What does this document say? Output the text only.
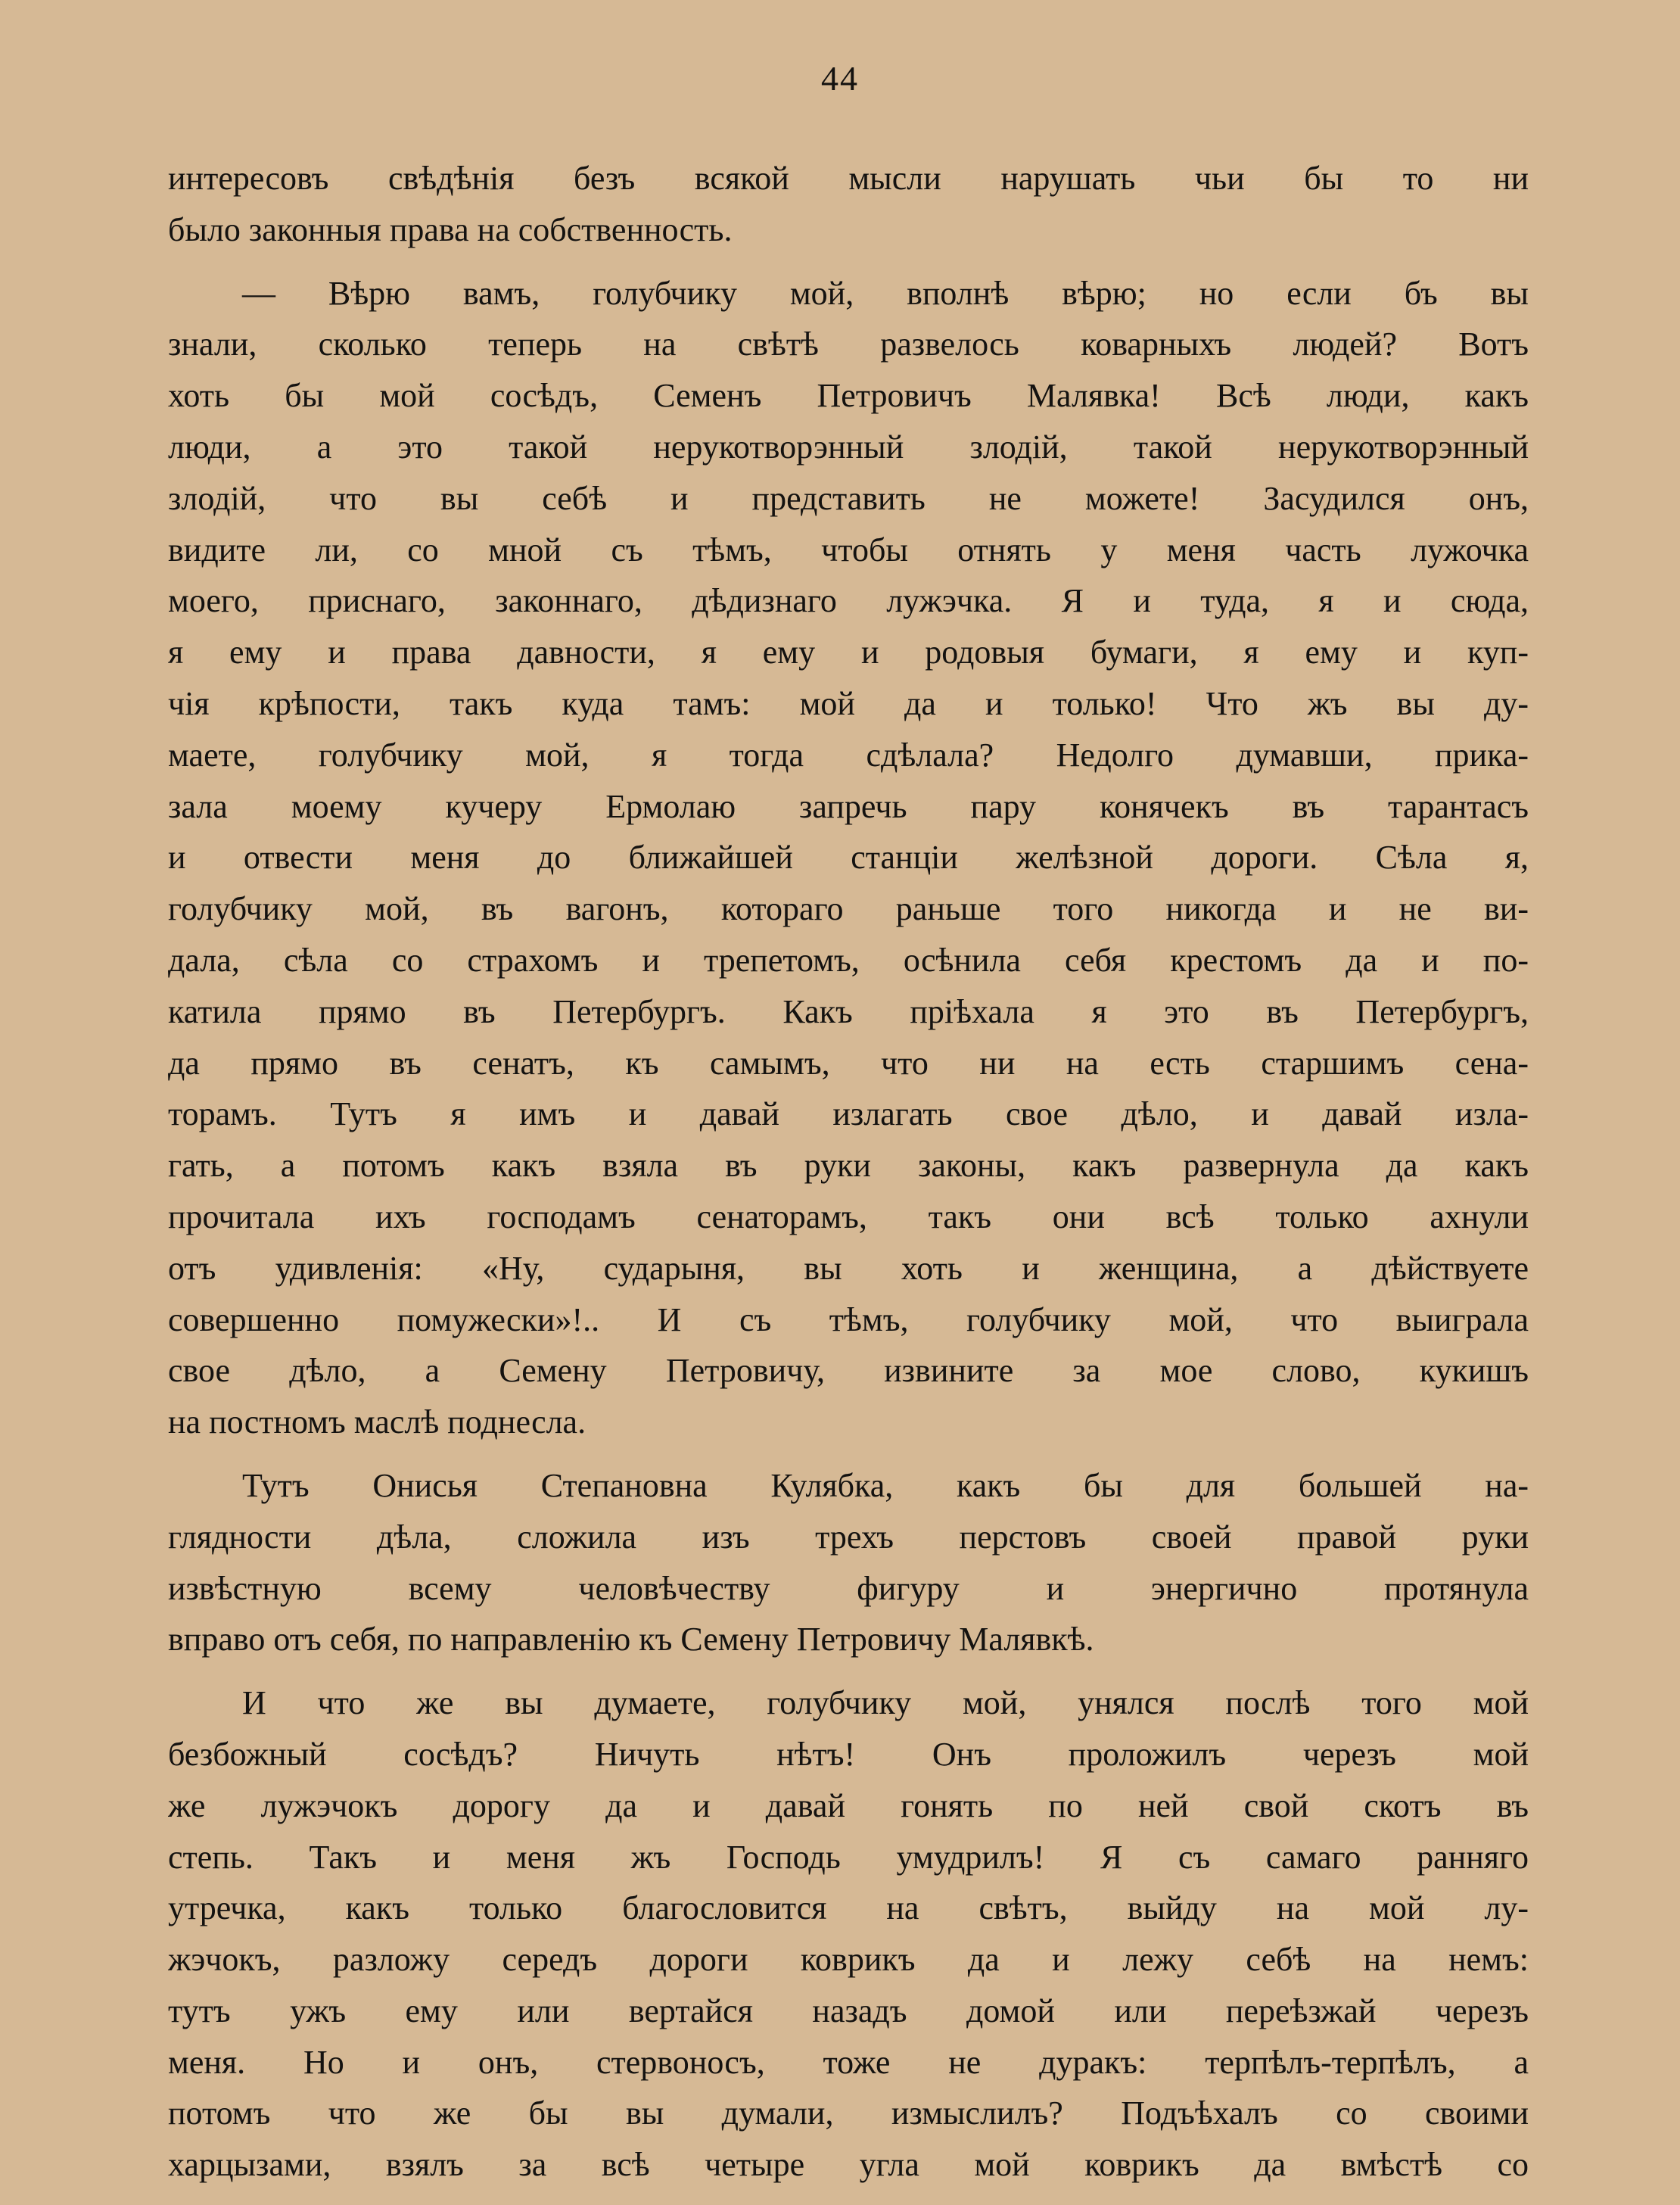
44
интересовъ свѣдѣнія безъ всякой мысли нарушать чьи бы то ни
было законныя права на собственность.
— Вѣрю вамъ, голубчику мой, вполнѣ вѣрю; но если бъ вы
знали, сколько теперь на свѣтѣ развелось коварныхъ людей? Вотъ
хоть бы мой сосѣдъ, Семенъ Петровичъ Малявка! Всѣ люди, какъ
люди, а это такой нерукотворэнный злодій, такой нерукотворэнный
злодій, что вы себѣ и представить не можете! Засудился онъ,
видите ли, со мной съ тѣмъ, чтобы отнять у меня часть лужочка
моего, приснаго, законнаго, дѣдизнаго лужэчка. Я и туда, я и сюда,
я ему и права давности, я ему и родовыя бумаги, я ему и куп-
чія крѣпости, такъ куда тамъ: мой да и только! Что жъ вы ду-
маете, голубчику мой, я тогда сдѣлала? Недолго думавши, прика-
зала моему кучеру Ермолаю запречь пару конячекъ въ тарантасъ
и отвести меня до ближайшей станціи желѣзной дороги. Сѣла я,
голубчику мой, въ вагонъ, котораго раньше того никогда и не ви-
дала, сѣла со страхомъ и трепетомъ, осѣнила себя крестомъ да и по-
катила прямо въ Петербургъ. Какъ пріѣхала я это въ Петербургъ,
да прямо въ сенатъ, къ самымъ, что ни на есть старшимъ сена-
торамъ. Тутъ я имъ и давай излагать свое дѣло, и давай изла-
гать, а потомъ какъ взяла въ руки законы, какъ развернула да какъ
прочитала ихъ господамъ сенаторамъ, такъ они всѣ только ахнули
отъ удивленія: «Ну, сударыня, вы хоть и женщина, а дѣйствуете
совершенно помужески»!.. И съ тѣмъ, голубчику мой, что выиграла
свое дѣло, а Семену Петровичу, извините за мое слово, кукишъ
на постномъ маслѣ поднесла.
Тутъ Онисья Степановна Кулябка, какъ бы для большей на-
глядности дѣла, сложила изъ трехъ перстовъ своей правой руки
извѣстную всему человѣчеству фигуру и энергично протянула
вправо отъ себя, по направленію къ Семену Петровичу Малявкѣ.
И что же вы думаете, голубчику мой, унялся послѣ того мой
безбожный сосѣдъ? Ничуть нѣтъ! Онъ проложилъ черезъ мой
же лужэчокъ дорогу да и давай гонять по ней свой скотъ въ
степь. Такъ и меня жъ Господь умудрилъ! Я съ самаго ранняго
утречка, какъ только благословится на свѣтъ, выйду на мой лу-
жэчокъ, разложу середъ дороги коврикъ да и лежу себѣ на немъ:
тутъ ужъ ему или вертайся назадъ домой или переѣзжай черезъ
меня. Но и онъ, стервоносъ, тоже не дуракъ: терпѣлъ-терпѣлъ, а
потомъ что же бы вы думали, измыслилъ? Подъѣхалъ со своими
харцызами, взялъ за всѣ четыре угла мой коврикъ да вмѣстѣ со
